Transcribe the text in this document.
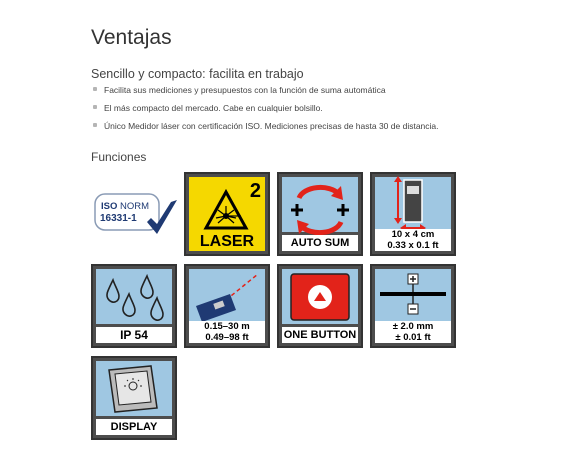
Ventajas

Sencillo y compacto: facilita en trabajo

Facilita sus mediciones y presupuestos con la función de suma automática
El más compacto del mercado. Cabe en cualquier bolsillo.
Único Medidor láser con certificación ISO. Mediciones precisas de hasta 30 de distancia.
Funciones
ISO NORM
16331-1
2
LASER	AUTO SUM
10 x 4 cm
0.33 x 0.1 ft
IP 54
0.15–30 m
0.49–98 ft	ONE BUTTON
± 2.0 mm
± 0.01 ft
DISPLAY
